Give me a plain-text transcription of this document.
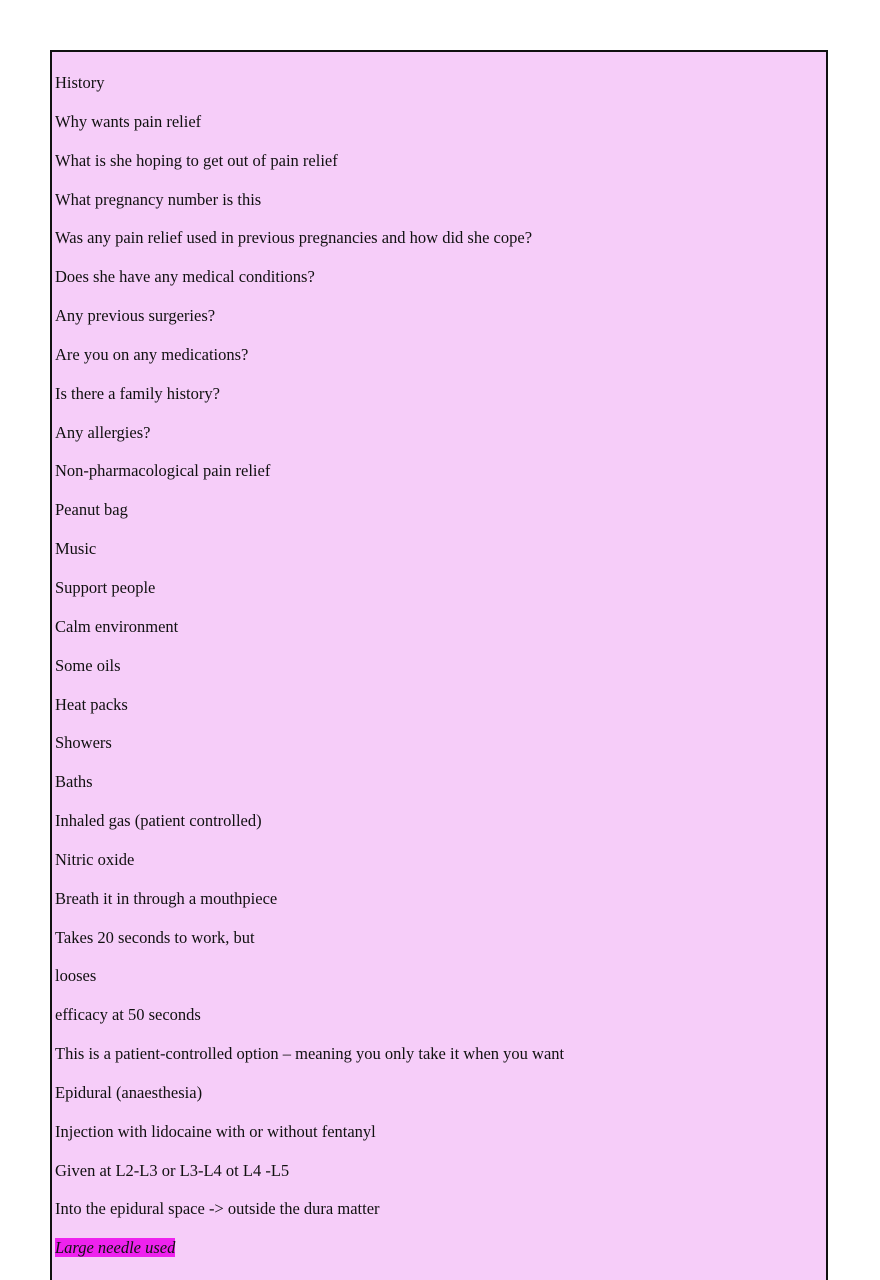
History
Why wants pain relief
What is she hoping to get out of pain relief
What pregnancy number is this
Was any pain relief used in previous pregnancies and how did she cope?
Does she have any medical conditions?
Any previous surgeries?
Are you on any medications?
Is there a family history?
Any allergies?
Non-pharmacological pain relief
Peanut bag
Music
Support people
Calm environment
Some oils
Heat packs
Showers
Baths
Inhaled gas (patient controlled)
Nitric oxide
Breath it in through a mouthpiece
Takes 20 seconds to work, but
looses
efficacy at 50 seconds
This is a patient-controlled option – meaning you only take it when you want
Epidural (anaesthesia)
Injection with lidocaine with or without fentanyl
Given at L2-L3 or L3-L4 ot L4 -L5
Into the epidural space -> outside the dura matter
Large needle used
